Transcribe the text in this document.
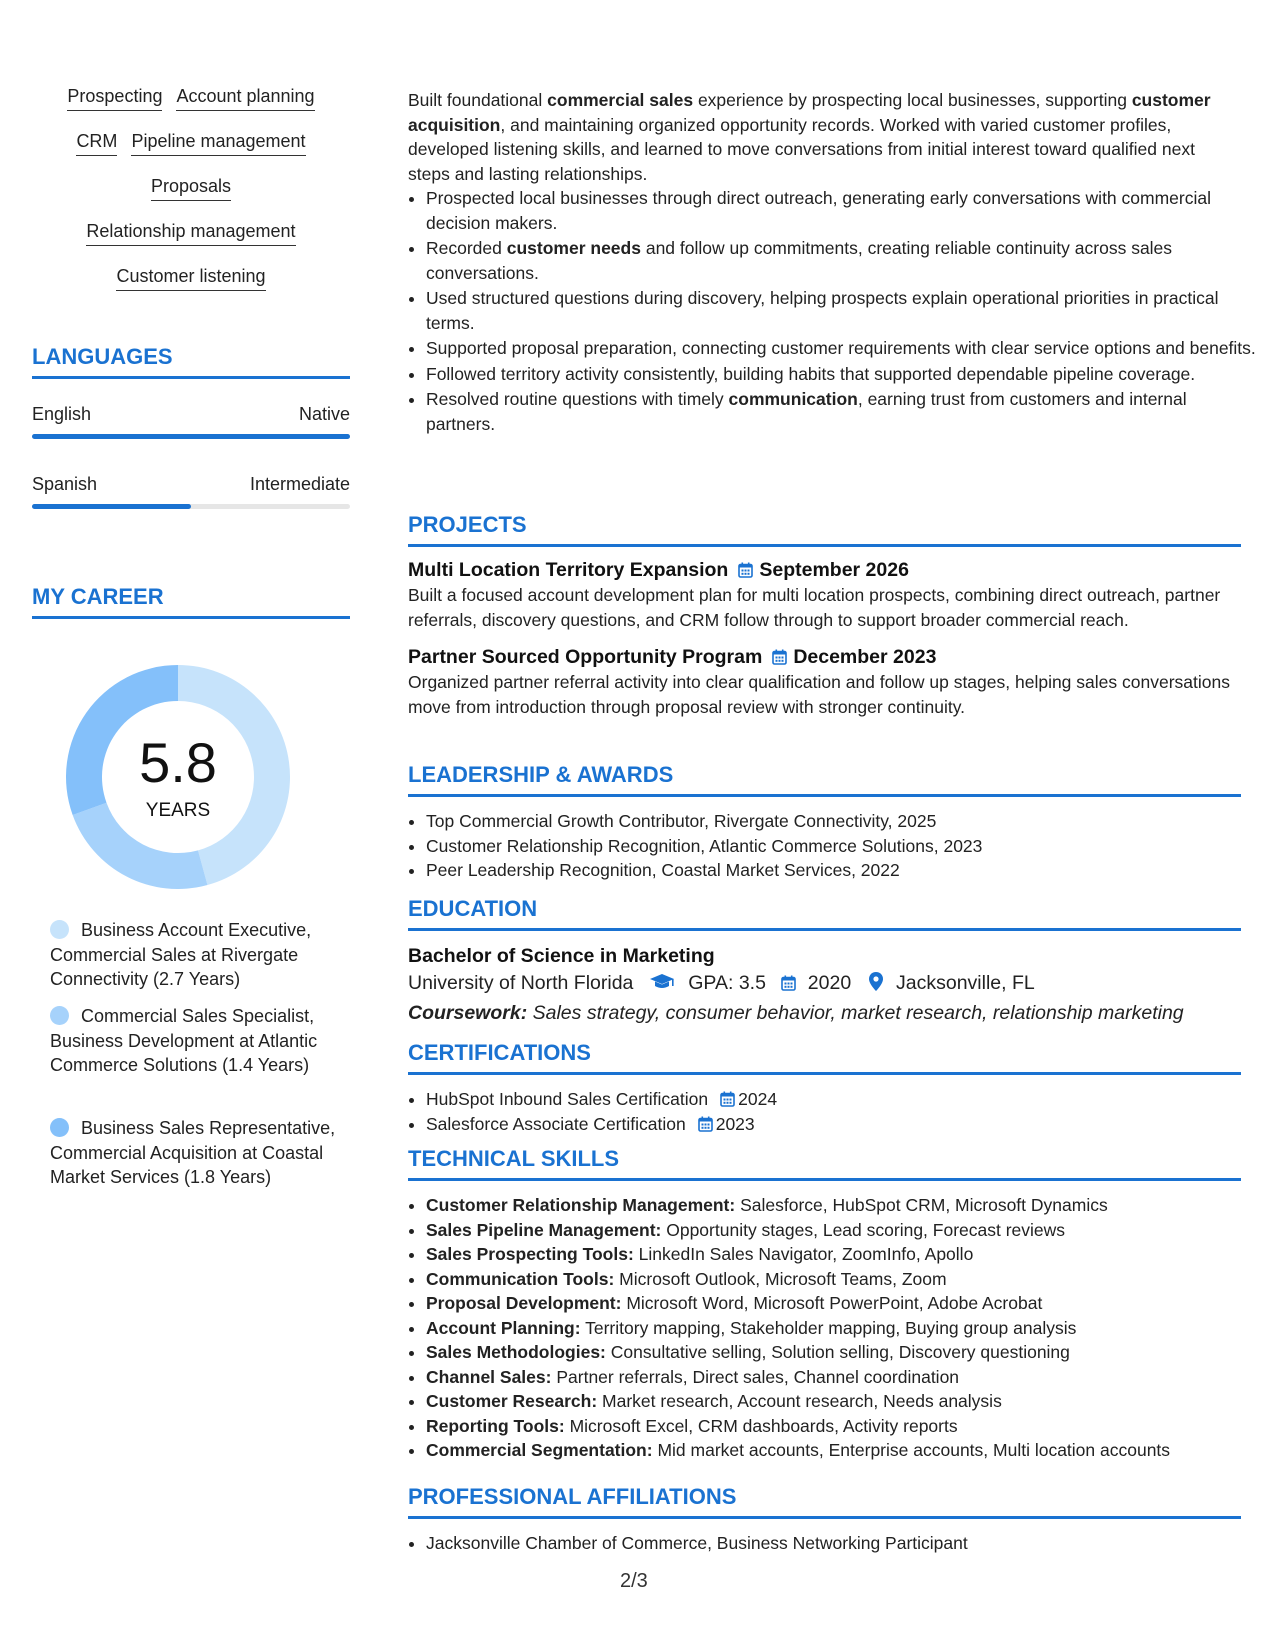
Prospecting Account planning
CRM Pipeline management
Proposals
Relationship management
Customer listening
LANGUAGES
English	Native
Spanish	Intermediate
MY CAREER
5.8
YEARS
Business Account Executive, Commercial Sales at Rivergate Connectivity (2.7 Years)
Commercial Sales Specialist, Business Development at Atlantic Commerce Solutions (1.4 Years)
Business Sales Representative, Commercial Acquisition at Coastal Market Services (1.8 Years)

Built foundational commercial sales experience by prospecting local businesses, supporting customer acquisition, and maintaining organized opportunity records. Worked with varied customer profiles, developed listening skills, and learned to move conversations from initial interest toward qualified next steps and lasting relationships.

• Prospected local businesses through direct outreach, generating early conversations with commercial decision makers.
• Recorded customer needs and follow up commitments, creating reliable continuity across sales conversations.
• Used structured questions during discovery, helping prospects explain operational priorities in practical terms.
• Supported proposal preparation, connecting customer requirements with clear service options and benefits.
• Followed territory activity consistently, building habits that supported dependable pipeline coverage.
• Resolved routine questions with timely communication, earning trust from customers and internal partners.
PROJECTS
Multi Location Territory Expansion September 2026
Built a focused account development plan for multi location prospects, combining direct outreach, partner referrals, discovery questions, and CRM follow through to support broader commercial reach.
Partner Sourced Opportunity Program December 2023
Organized partner referral activity into clear qualification and follow up stages, helping sales conversations move from introduction through proposal review with stronger continuity.
LEADERSHIP & AWARDS
• Top Commercial Growth Contributor, Rivergate Connectivity, 2025
• Customer Relationship Recognition, Atlantic Commerce Solutions, 2023
• Peer Leadership Recognition, Coastal Market Services, 2022
EDUCATION
Bachelor of Science in Marketing
University of North Florida	GPA: 3.5 2020 Jacksonville, FL
Coursework: Sales strategy, consumer behavior, market research, relationship marketing
CERTIFICATIONS
• HubSpot Inbound Sales Certification 2024
• Salesforce Associate Certification 2023
TECHNICAL SKILLS
• Customer Relationship Management: Salesforce, HubSpot CRM, Microsoft Dynamics
• Sales Pipeline Management: Opportunity stages, Lead scoring, Forecast reviews
• Sales Prospecting Tools: LinkedIn Sales Navigator, ZoomInfo, Apollo
• Communication Tools: Microsoft Outlook, Microsoft Teams, Zoom
• Proposal Development: Microsoft Word, Microsoft PowerPoint, Adobe Acrobat
• Account Planning: Territory mapping, Stakeholder mapping, Buying group analysis
• Sales Methodologies: Consultative selling, Solution selling, Discovery questioning
• Channel Sales: Partner referrals, Direct sales, Channel coordination
• Customer Research: Market research, Account research, Needs analysis
• Reporting Tools: Microsoft Excel, CRM dashboards, Activity reports
• Commercial Segmentation: Mid market accounts, Enterprise accounts, Multi location accounts
PROFESSIONAL AFFILIATIONS
• Jacksonville Chamber of Commerce, Business Networking Participant
2/3
